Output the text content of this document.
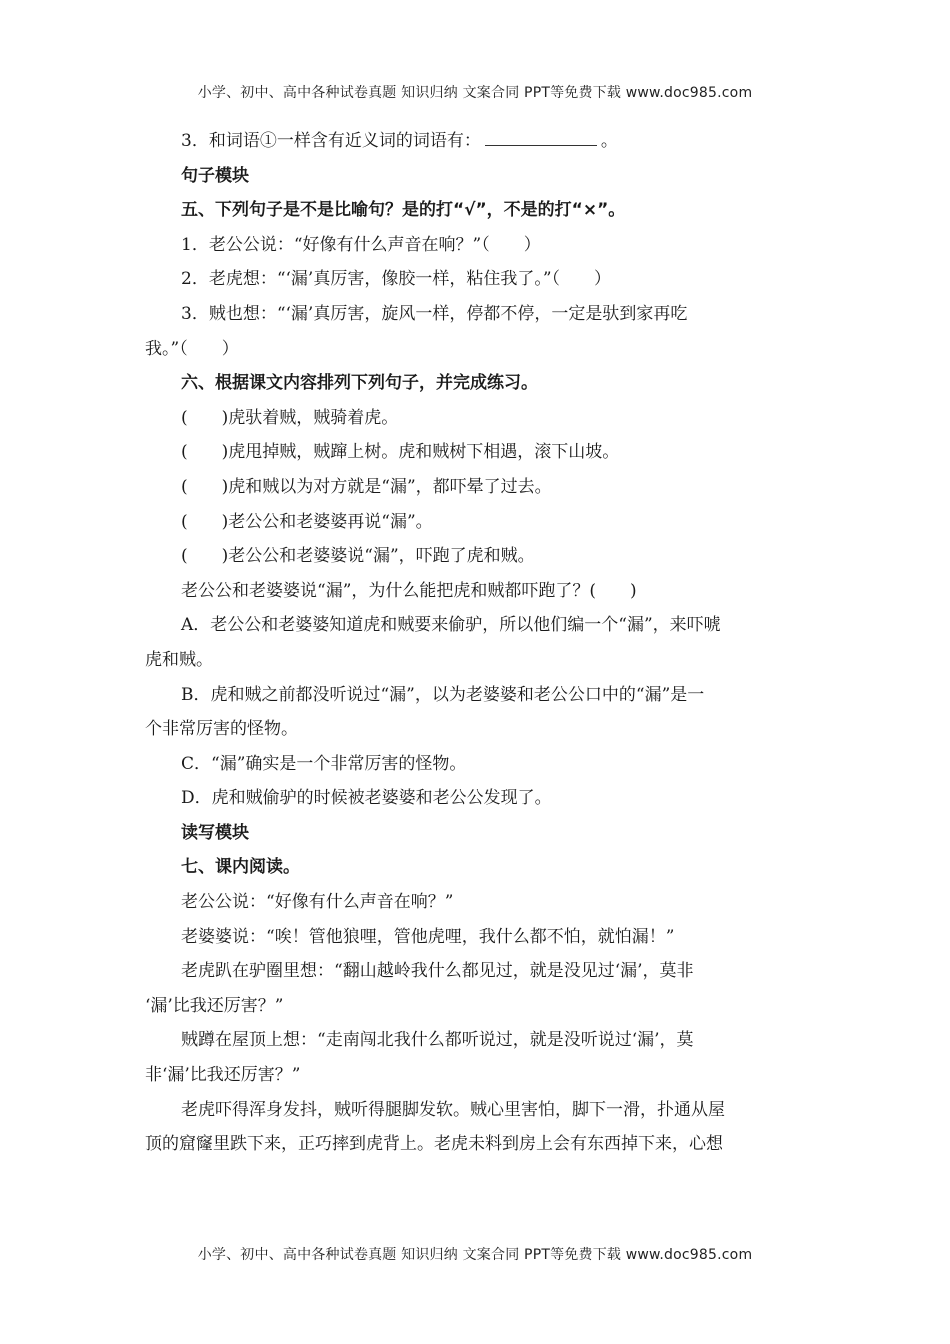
小学、初中、高中各种试卷真题 知识归纳 文案合同 PPT等免费下载 www.doc985.com
3．和词语①一样含有近义词的词语有：	。
句子模块
五、下列句子是不是比喻句？是的打“√”，不是的打“×”。
1．老公公说：“好像有什么声音在响？”（　　）
2．老虎想：“‘漏’真厉害，像胶一样，粘住我了。”（　　）
3．贼也想：“‘漏’真厉害，旋风一样，停都不停，一定是驮到家再吃
我。”（　　）
六、根据课文内容排列下列句子，并完成练习。
(　　)虎驮着贼，贼骑着虎。
(　　)虎甩掉贼，贼蹿上树。虎和贼树下相遇，滚下山坡。
(　　)虎和贼以为对方就是“漏”，都吓晕了过去。
(　　)老公公和老婆婆再说“漏”。
(　　)老公公和老婆婆说“漏”，吓跑了虎和贼。
老公公和老婆婆说“漏”，为什么能把虎和贼都吓跑了？(　　)
A．老公公和老婆婆知道虎和贼要来偷驴，所以他们编一个“漏”，来吓唬
虎和贼。
B．虎和贼之前都没听说过“漏”，以为老婆婆和老公公口中的“漏”是一
个非常厉害的怪物。
C．“漏”确实是一个非常厉害的怪物。
D．虎和贼偷驴的时候被老婆婆和老公公发现了。
读写模块
七、课内阅读。
老公公说：“好像有什么声音在响？”
老婆婆说：“唉！管他狼哩，管他虎哩，我什么都不怕，就怕漏！”
老虎趴在驴圈里想：“翻山越岭我什么都见过，就是没见过‘漏’，莫非
‘漏’比我还厉害？”
贼蹲在屋顶上想：“走南闯北我什么都听说过，就是没听说过‘漏’，莫
非‘漏’比我还厉害？”
老虎吓得浑身发抖，贼听得腿脚发软。贼心里害怕，脚下一滑，扑通从屋
顶的窟窿里跌下来，正巧摔到虎背上。老虎未料到房上会有东西掉下来，心想
小学、初中、高中各种试卷真题 知识归纳 文案合同 PPT等免费下载 www.doc985.com
